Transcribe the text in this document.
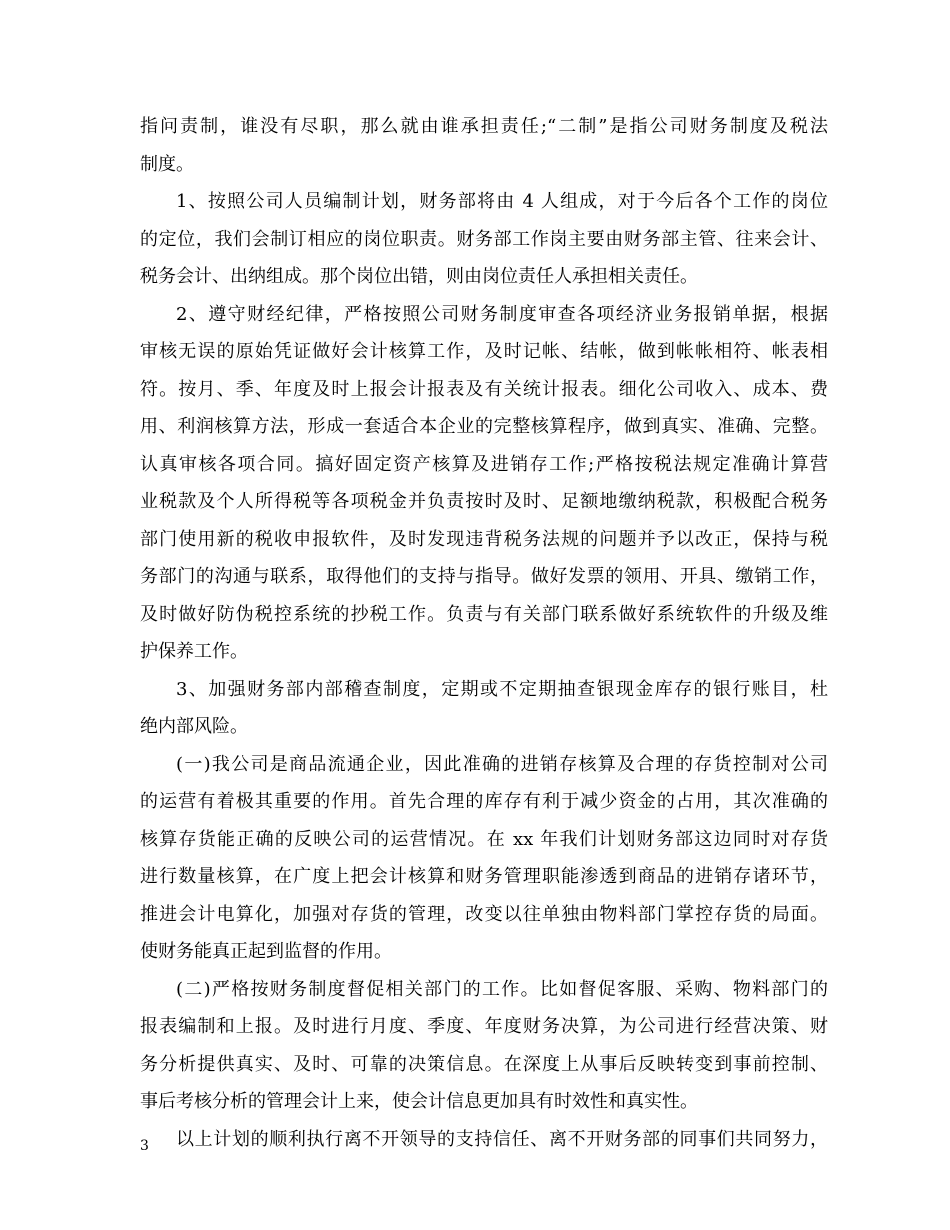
指问责制，谁没有尽职，那么就由谁承担责任;“二制”是指公司财务制度及税法
制度。
1、按照公司人员编制计划，财务部将由 4 人组成，对于今后各个工作的岗位
的定位，我们会制订相应的岗位职责。财务部工作岗主要由财务部主管、往来会计、
税务会计、出纳组成。那个岗位出错，则由岗位责任人承担相关责任。
2、遵守财经纪律，严格按照公司财务制度审查各项经济业务报销单据，根据
审核无误的原始凭证做好会计核算工作，及时记帐、结帐，做到帐帐相符、帐表相
符。按月、季、年度及时上报会计报表及有关统计报表。细化公司收入、成本、费
用、利润核算方法，形成一套适合本企业的完整核算程序，做到真实、准确、完整。
认真审核各项合同。搞好固定资产核算及进销存工作;严格按税法规定准确计算营
业税款及个人所得税等各项税金并负责按时及时、足额地缴纳税款，积极配合税务
部门使用新的税收申报软件，及时发现违背税务法规的问题并予以改正，保持与税
务部门的沟通与联系，取得他们的支持与指导。做好发票的领用、开具、缴销工作，
及时做好防伪税控系统的抄税工作。负责与有关部门联系做好系统软件的升级及维
护保养工作。
3、加强财务部内部稽查制度，定期或不定期抽查银现金库存的银行账目，杜
绝内部风险。
(一)我公司是商品流通企业，因此准确的进销存核算及合理的存货控制对公司
的运营有着极其重要的作用。首先合理的库存有利于减少资金的占用，其次准确的
核算存货能正确的反映公司的运营情况。在 xx 年我们计划财务部这边同时对存货
进行数量核算，在广度上把会计核算和财务管理职能渗透到商品的进销存诸环节，
推进会计电算化，加强对存货的管理，改变以往单独由物料部门掌控存货的局面。
使财务能真正起到监督的作用。
(二)严格按财务制度督促相关部门的工作。比如督促客服、采购、物料部门的
报表编制和上报。及时进行月度、季度、年度财务决算，为公司进行经营决策、财
务分析提供真实、及时、可靠的决策信息。在深度上从事后反映转变到事前控制、
事后考核分析的管理会计上来，使会计信息更加具有时效性和真实性。
以上计划的顺利执行离不开领导的支持信任、离不开财务部的同事们共同努力，
3
